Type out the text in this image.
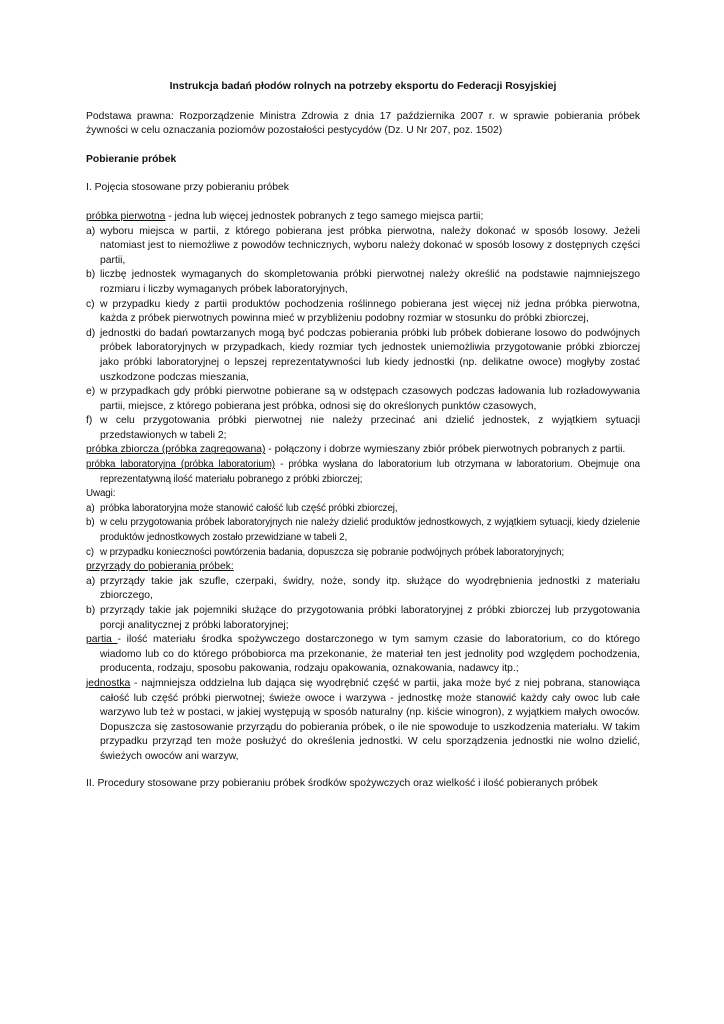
Instrukcja badań płodów rolnych na potrzeby eksportu do Federacji Rosyjskiej

Podstawa prawna: Rozporządzenie Ministra Zdrowia z dnia 17 października 2007 r. w sprawie pobierania próbek żywności w celu oznaczania poziomów pozostałości pestycydów (Dz. U Nr 207, poz. 1502)

Pobieranie próbek

I. Pojęcia stosowane przy pobieraniu próbek

próbka pierwotna - jedna lub więcej jednostek pobranych z tego samego miejsca partii;

a) wyboru miejsca w partii, z którego pobierana jest próbka pierwotna, należy dokonać w sposób losowy. Jeżeli natomiast jest to niemożliwe z powodów technicznych, wyboru należy dokonać w sposób losowy z dostępnych części partii,
b) liczbę jednostek wymaganych do skompletowania próbki pierwotnej należy określić na podstawie najmniejszego rozmiaru i liczby wymaganych próbek laboratoryjnych,
c) w przypadku kiedy z partii produktów pochodzenia roślinnego pobierana jest więcej niż jedna próbka pierwotna, każda z próbek pierwotnych powinna mieć w przybliżeniu podobny rozmiar w stosunku do próbki zbiorczej,
d) jednostki do badań powtarzanych mogą być podczas pobierania próbki lub próbek dobierane losowo do podwójnych próbek laboratoryjnych w przypadkach, kiedy rozmiar tych jednostek uniemożliwia przygotowanie próbki zbiorczej jako próbki laboratoryjnej o lepszej reprezentatywności lub kiedy jednostki (np. delikatne owoce) mogłyby zostać uszkodzone podczas mieszania,
e) w przypadkach gdy próbki pierwotne pobierane są w odstępach czasowych podczas ładowania lub rozładowywania partii, miejsce, z którego pobierana jest próbka, odnosi się do określonych punktów czasowych,
f) w celu przygotowania próbki pierwotnej nie należy przecinać ani dzielić jednostek, z wyjątkiem sytuacji przedstawionych w tabeli 2;

próbka zbiorcza (próbka zagregowana) - połączony i dobrze wymieszany zbiór próbek pierwotnych pobranych z partii.

próbka laboratoryjna (próbka laboratorium) - próbka wysłana do laboratorium lub otrzymana w laboratorium. Obejmuje ona reprezentatywną ilość materiału pobranego z próbki zbiorczej;

Uwagi:

a) próbka laboratoryjna może stanowić całość lub część próbki zbiorczej,
b) w celu przygotowania próbek laboratoryjnych nie należy dzielić produktów jednostkowych, z wyjątkiem sytuacji, kiedy dzielenie produktów jednostkowych zostało przewidziane w tabeli 2,
c) w przypadku konieczności powtórzenia badania, dopuszcza się pobranie podwójnych próbek laboratoryjnych;

przyrządy do pobierania próbek:

a) przyrządy takie jak szufle, czerpaki, świdry, noże, sondy itp. służące do wyodrębnienia jednostki z materiału zbiorczego,
b) przyrządy takie jak pojemniki służące do przygotowania próbki laboratoryjnej z próbki zbiorczej lub przygotowania porcji analitycznej z próbki laboratoryjnej;

partia - ilość materiału środka spożywczego dostarczonego w tym samym czasie do laboratorium, co do którego wiadomo lub co do którego próbobiorca ma przekonanie, że materiał ten jest jednolity pod względem pochodzenia, producenta, rodzaju, sposobu pakowania, rodzaju opakowania, oznakowania, nadawcy itp.;

jednostka - najmniejsza oddzielna lub dająca się wyodrębnić część w partii, jaka może być z niej pobrana, stanowiąca całość lub część próbki pierwotnej; świeże owoce i warzywa - jednostkę może stanowić każdy cały owoc lub całe warzywo lub też w postaci, w jakiej występują w sposób naturalny (np. kiście winogron), z wyjątkiem małych owoców. Dopuszcza się zastosowanie przyrządu do pobierania próbek, o ile nie spowoduje to uszkodzenia materiału. W takim przypadku przyrząd ten może posłużyć do określenia jednostki. W celu sporządzenia jednostki nie wolno dzielić, świeżych owoców ani warzyw,

II. Procedury stosowane przy pobieraniu próbek środków spożywczych oraz wielkość i ilość pobieranych próbek
